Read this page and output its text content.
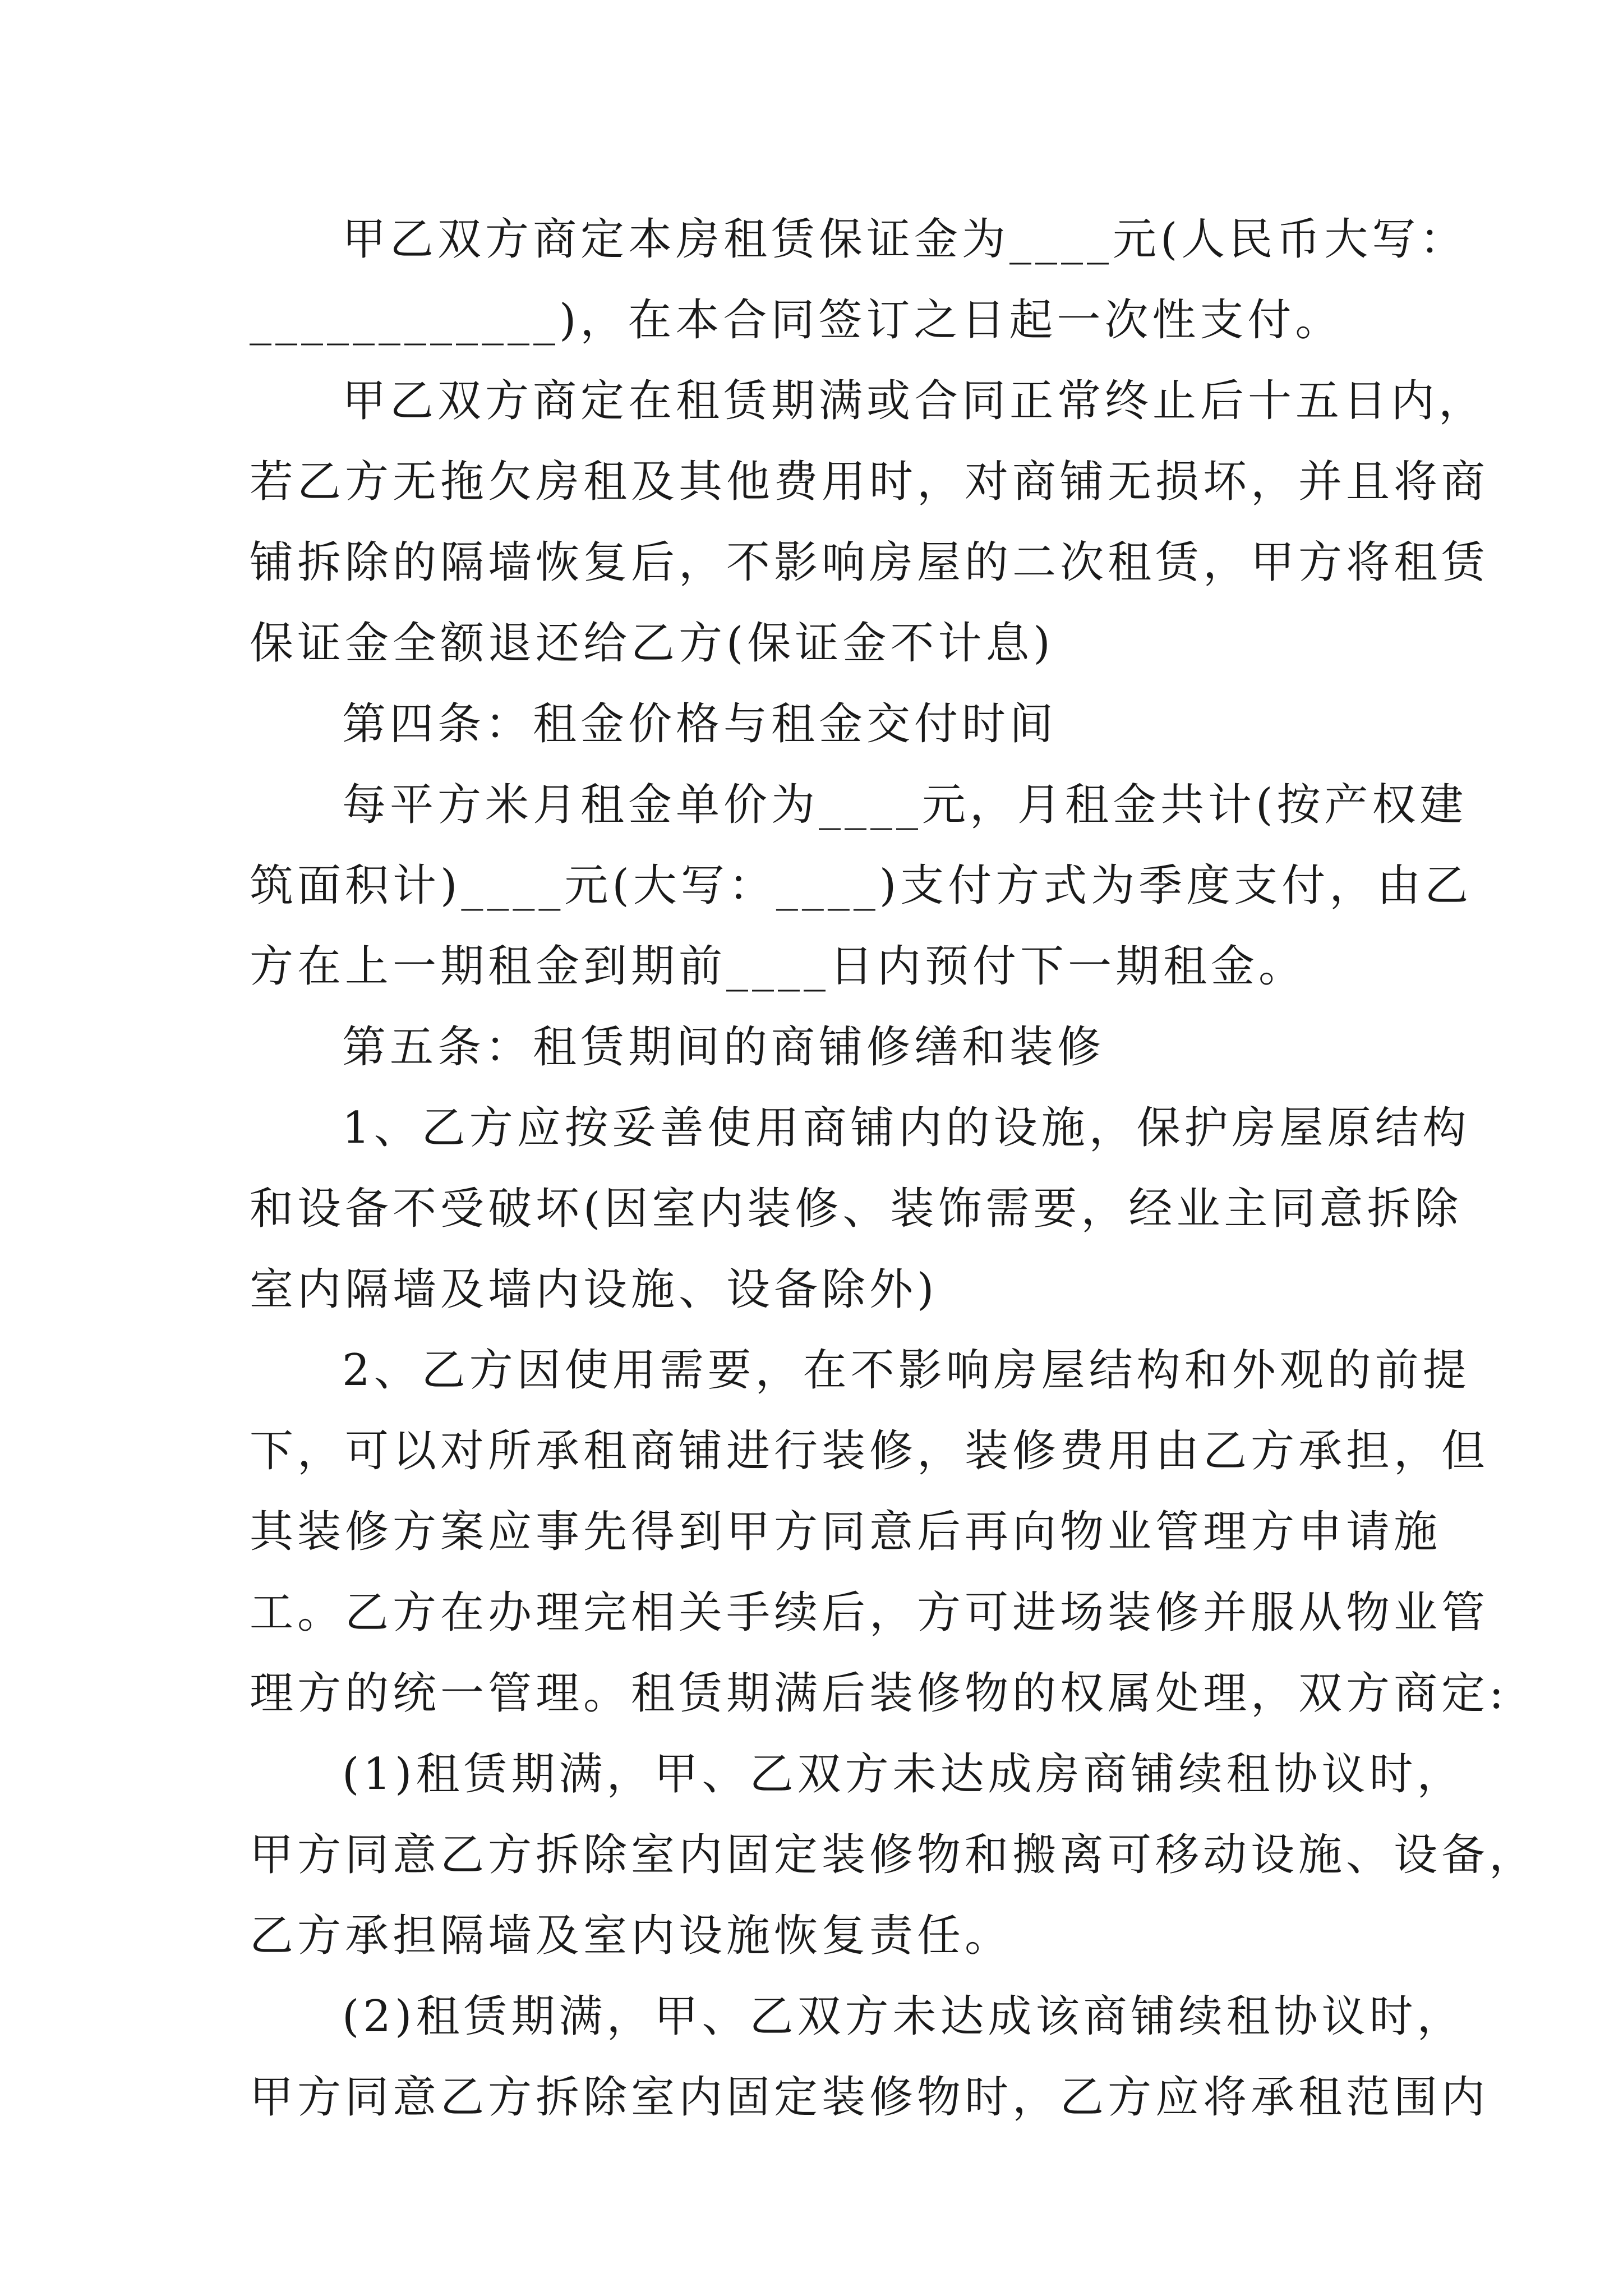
甲乙双方商定本房租赁保证金为____元(人民币大写：
____________)，在本合同签订之日起一次性支付。
甲乙双方商定在租赁期满或合同正常终止后十五日内，
若乙方无拖欠房租及其他费用时，对商铺无损坏，并且将商
铺拆除的隔墙恢复后，不影响房屋的二次租赁，甲方将租赁
保证金全额退还给乙方(保证金不计息)
第四条：租金价格与租金交付时间
每平方米月租金单价为____元，月租金共计(按产权建
筑面积计)____元(大写：____)支付方式为季度支付，由乙
方在上一期租金到期前____日内预付下一期租金。
第五条：租赁期间的商铺修缮和装修
1、乙方应按妥善使用商铺内的设施，保护房屋原结构
和设备不受破坏(因室内装修、装饰需要，经业主同意拆除
室内隔墙及墙内设施、设备除外)
2、乙方因使用需要，在不影响房屋结构和外观的前提
下，可以对所承租商铺进行装修，装修费用由乙方承担，但
其装修方案应事先得到甲方同意后再向物业管理方申请施
工。乙方在办理完相关手续后，方可进场装修并服从物业管
理方的统一管理。租赁期满后装修物的权属处理，双方商定:
(1)租赁期满，甲、乙双方未达成房商铺续租协议时，
甲方同意乙方拆除室内固定装修物和搬离可移动设施、设备，
乙方承担隔墙及室内设施恢复责任。
(2)租赁期满，甲、乙双方未达成该商铺续租协议时，
甲方同意乙方拆除室内固定装修物时，乙方应将承租范围内
